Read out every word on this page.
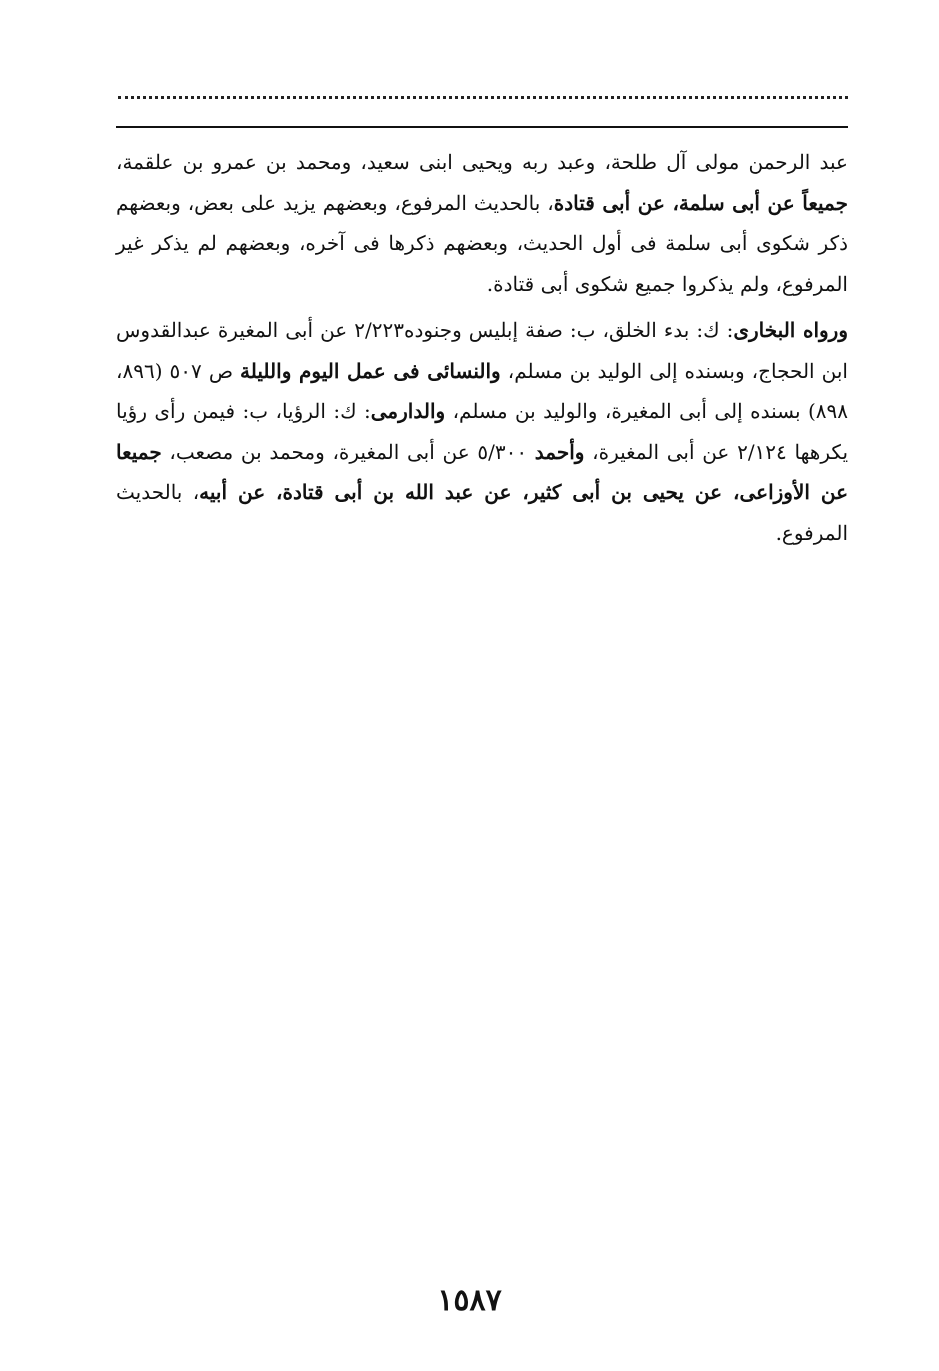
عبد الرحمن مولى آل طلحة، وعبد ربه ويحيى ابنى سعيد، ومحمد بن عمرو بن علقمة، جميعاً عن أبى سلمة، عن أبى قتادة، بالحديث المرفوع، وبعضهم يزيد على بعض، وبعضهم ذكر شكوى أبى سلمة فى أول الحديث، وبعضهم ذكرها فى آخره، وبعضهم لم يذكر غير المرفوع، ولم يذكروا جميع شكوى أبى قتادة.

ورواه البخارى: ك: بدء الخلق، ب: صفة إبليس وجنوده٢/٢٢٣ عن أبى المغيرة عبدالقدوس ابن الحجاج، وبسنده إلى الوليد بن مسلم، والنسائى فى عمل اليوم والليلة ص ٥٠٧ (٨٩٦، ٨٩٨) بسنده إلى أبى المغيرة، والوليد بن مسلم، والدارمى: ك: الرؤيا، ب: فيمن رأى رؤيا يكرهها ٢/١٢٤ عن أبى المغيرة، وأحمد ٥/٣٠٠ عن أبى المغيرة، ومحمد بن مصعب، جميعا عن الأوزاعى، عن يحيى بن أبى كثير، عن عبد الله بن أبى قتادة، عن أبيه، بالحديث المرفوع.

١٥٨٧
